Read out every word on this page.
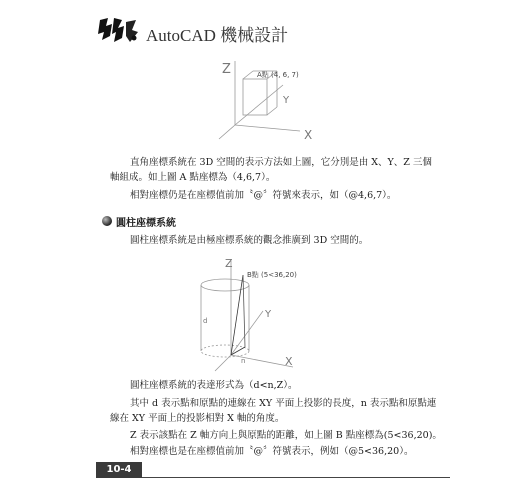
AutoCAD 機械設計
Z
Y
X
A點 (4, 6, 7)
直角座標系統在 3D 空間的表示方法如上圖，它分別是由 X、Y、Z 三個
軸組成。如上圖 A 點座標為（4,6,7）。
相對座標仍是在座標值前加〝@〞符號來表示，如（@4,6,7）。
圓柱座標系統
圓柱座標系統是由極座標系統的觀念推廣到 3D 空間的。
Z
Y
X
B點 (5<36,20)
d
n
圓柱座標系統的表達形式為（d<n,Z）。
其中 d 表示點和原點的連線在 XY 平面上投影的長度，n 表示點和原點連
線在 XY 平面上的投影相對 X 軸的角度。
Z 表示該點在 Z 軸方向上與原點的距離，如上圖 B 點座標為(5<36,20)。
相對座標也是在座標值前加〝@〞符號表示，例如（@5<36,20）。
10-4
